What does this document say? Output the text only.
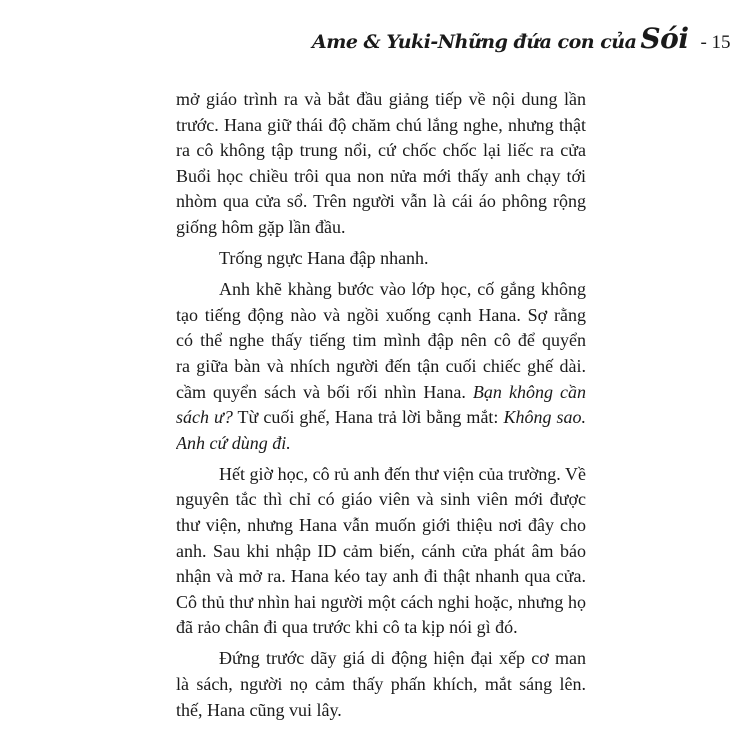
Ame & Yuki-Những đứa con của Sói - 15
mở giáo trình ra và bắt đầu giảng tiếp về nội dung lần
trước. Hana giữ thái độ chăm chú lắng nghe, nhưng thật
ra cô không tập trung nổi, cứ chốc chốc lại liếc ra cửa
Buổi học chiều trôi qua non nửa mới thấy anh chạy tới
nhòm qua cửa sổ. Trên người vẫn là cái áo phông rộng
giống hôm gặp lần đầu.
Trống ngực Hana đập nhanh.
Anh khẽ khàng bước vào lớp học, cố gắng không
tạo tiếng động nào và ngồi xuống cạnh Hana. Sợ rằng
có thể nghe thấy tiếng tim mình đập nên cô để quyển
ra giữa bàn và nhích người đến tận cuối chiếc ghế dài.
cầm quyển sách và bối rối nhìn Hana. Bạn không cần
sách ư? Từ cuối ghế, Hana trả lời bằng mắt: Không sao.
Anh cứ dùng đi.
Hết giờ học, cô rủ anh đến thư viện của trường. Về
nguyên tắc thì chỉ có giáo viên và sinh viên mới được
thư viện, nhưng Hana vẫn muốn giới thiệu nơi đây cho
anh. Sau khi nhập ID cảm biến, cánh cửa phát âm báo
nhận và mở ra. Hana kéo tay anh đi thật nhanh qua cửa.
Cô thủ thư nhìn hai người một cách nghi hoặc, nhưng họ
đã rảo chân đi qua trước khi cô ta kịp nói gì đó.
Đứng trước dãy giá di động hiện đại xếp cơ man
là sách, người nọ cảm thấy phấn khích, mắt sáng lên.
thế, Hana cũng vui lây.
